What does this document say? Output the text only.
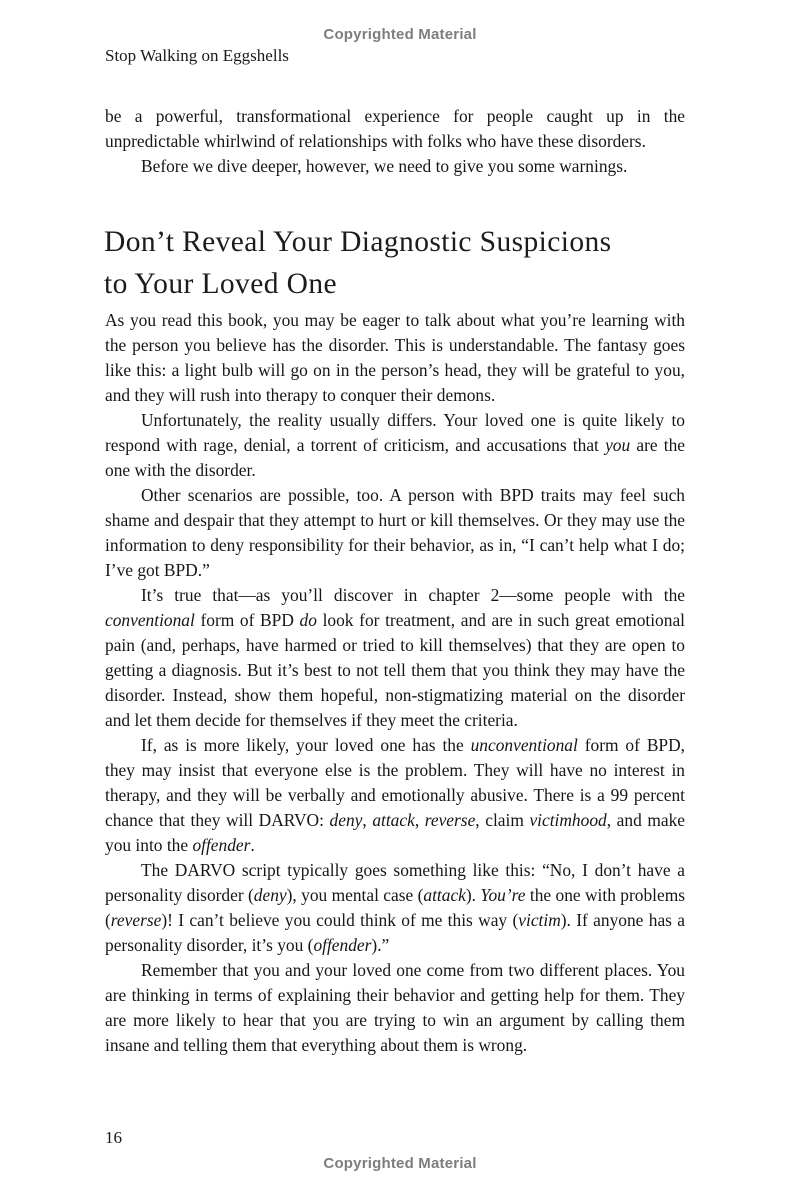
Copyrighted Material
Stop Walking on Eggshells

be a powerful, transformational experience for people caught up in the unpredictable whirlwind of relationships with folks who have these disorders.

Before we dive deeper, however, we need to give you some warnings.

Don’t Reveal Your Diagnostic Suspicions
to Your Loved One

As you read this book, you may be eager to talk about what you’re learning with the person you believe has the disorder. This is understandable. The fantasy goes like this: a light bulb will go on in the person’s head, they will be grateful to you, and they will rush into therapy to conquer their demons.

Unfortunately, the reality usually differs. Your loved one is quite likely to respond with rage, denial, a torrent of criticism, and accusations that you are the one with the disorder.

Other scenarios are possible, too. A person with BPD traits may feel such shame and despair that they attempt to hurt or kill themselves. Or they may use the information to deny responsibility for their behavior, as in, “I can’t help what I do; I’ve got BPD.”

It’s true that—as you’ll discover in chapter 2—some people with the conventional form of BPD do look for treatment, and are in such great emotional pain (and, perhaps, have harmed or tried to kill themselves) that they are open to getting a diagnosis. But it’s best to not tell them that you think they may have the disorder. Instead, show them hopeful, non-stigmatizing material on the disorder and let them decide for themselves if they meet the criteria.

If, as is more likely, your loved one has the unconventional form of BPD, they may insist that everyone else is the problem. They will have no interest in therapy, and they will be verbally and emotionally abusive. There is a 99 percent chance that they will DARVO: deny, attack, reverse, claim victimhood, and make you into the offender.

The DARVO script typically goes something like this: “No, I don’t have a personality disorder (deny), you mental case (attack). You’re the one with problems (reverse)! I can’t believe you could think of me this way (victim). If anyone has a personality disorder, it’s you (offender).”

Remember that you and your loved one come from two different places. You are thinking in terms of explaining their behavior and getting help for them. They are more likely to hear that you are trying to win an argument by calling them insane and telling them that everything about them is wrong.

16
Copyrighted Material
